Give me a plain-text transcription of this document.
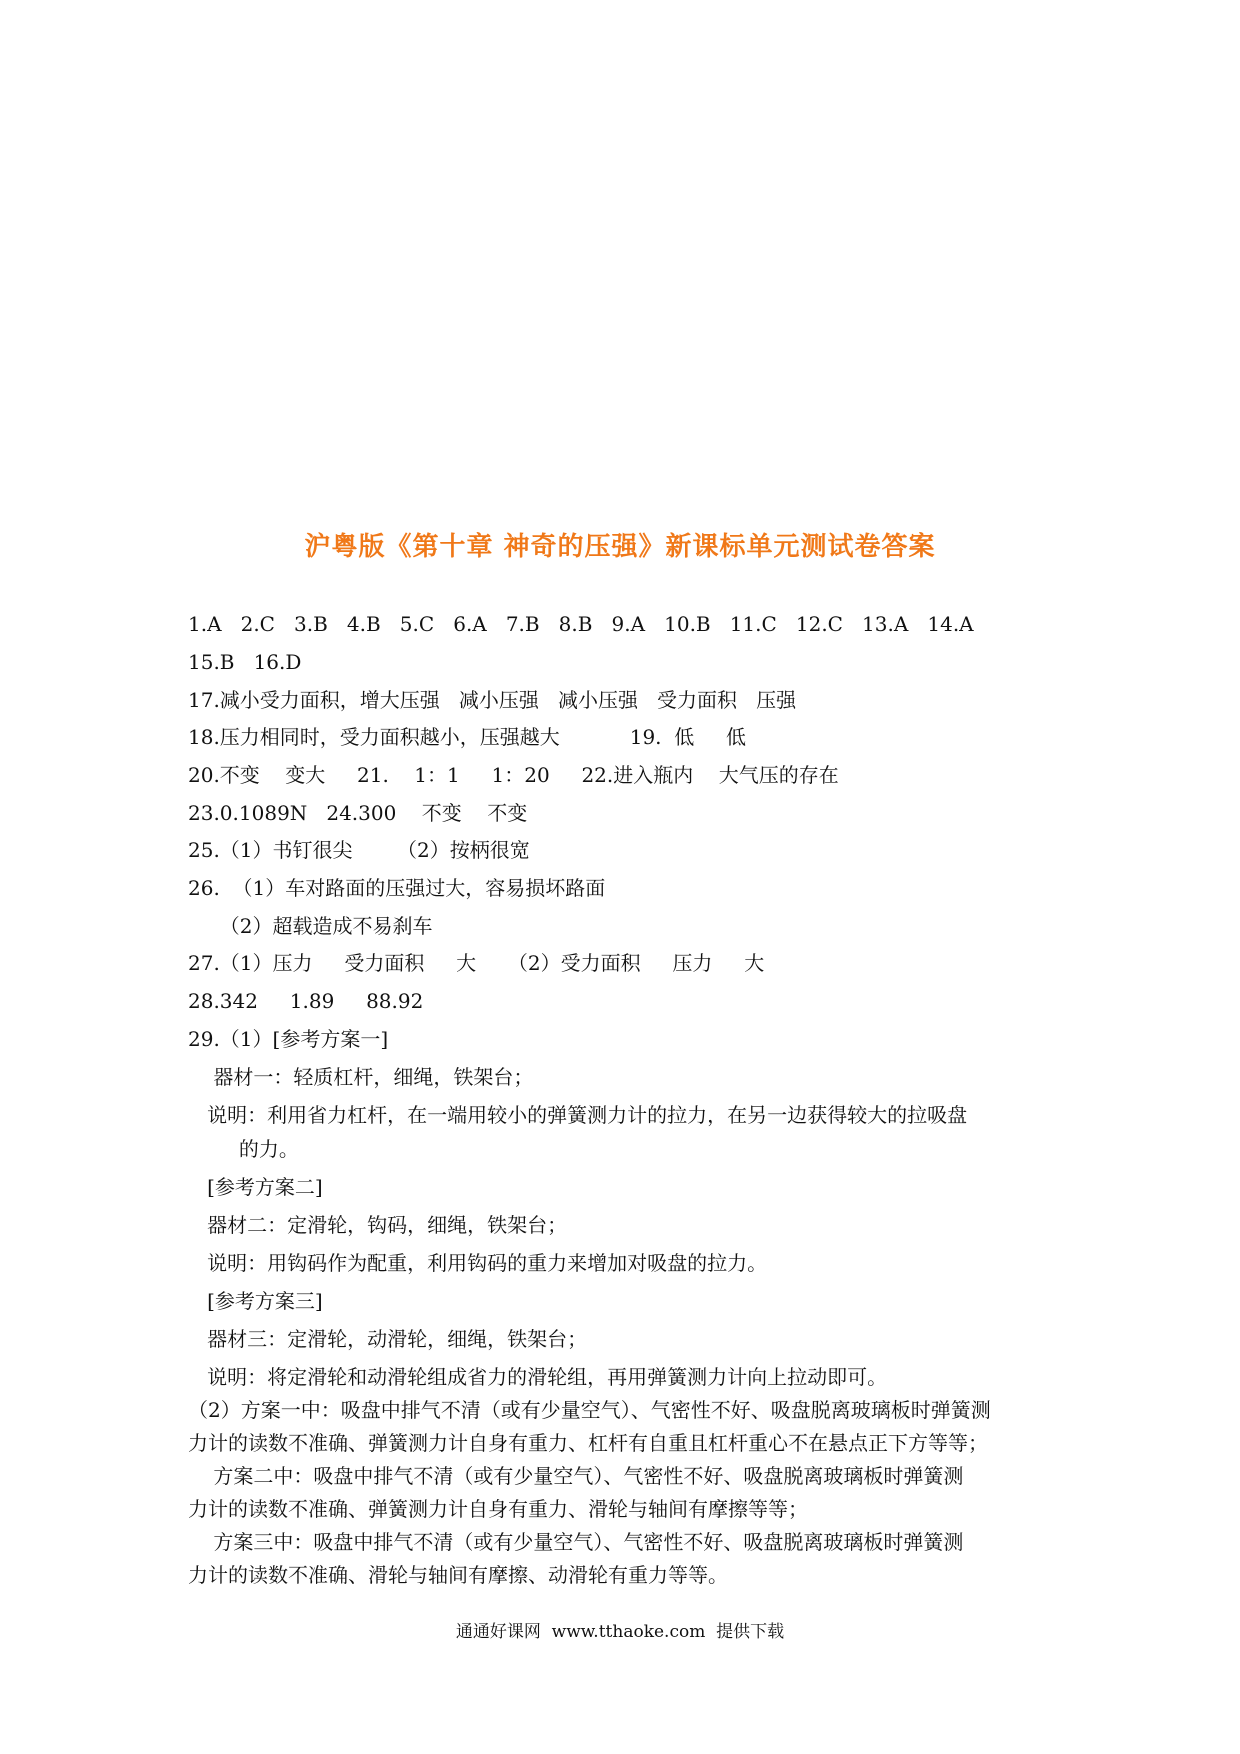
沪粤版《第十章 神奇的压强》新课标单元测试卷答案

1.A   2.C   3.B   4.B   5.C   6.A   7.B   8.B   9.A   10.B   11.C   12.C   13.A   14.A

15.B   16.D

17.减小受力面积，增大压强   减小压强   减小压强   受力面积   压强

18.压力相同时，受力面积越小，压强越大           19.  低     低

20.不变    变大     21.    1：1     1：20     22.进入瓶内    大气压的存在

23.0.1089N   24.300    不变    不变

25.（1）书钉很尖       （2）按柄很宽

26.  （1）车对路面的压强过大，容易损坏路面

（2）超载造成不易刹车

27.（1）压力     受力面积     大     （2）受力面积     压力     大

28.342     1.89     88.92

29.（1）[参考方案一]

器材一：轻质杠杆，细绳，铁架台；

说明：利用省力杠杆，在一端用较小的弹簧测力计的拉力，在另一边获得较大的拉吸盘

的力。

[参考方案二]

器材二：定滑轮，钩码，细绳，铁架台；

说明：用钩码作为配重，利用钩码的重力来增加对吸盘的拉力。

[参考方案三]

器材三：定滑轮，动滑轮，细绳，铁架台；

说明：将定滑轮和动滑轮组成省力的滑轮组，再用弹簧测力计向上拉动即可。

（2）方案一中：吸盘中排气不清（或有少量空气）、气密性不好、吸盘脱离玻璃板时弹簧测

力计的读数不准确、弹簧测力计自身有重力、杠杆有自重且杠杆重心不在悬点正下方等等；

方案二中：吸盘中排气不清（或有少量空气）、气密性不好、吸盘脱离玻璃板时弹簧测

力计的读数不准确、弹簧测力计自身有重力、滑轮与轴间有摩擦等等；

方案三中：吸盘中排气不清（或有少量空气）、气密性不好、吸盘脱离玻璃板时弹簧测

力计的读数不准确、滑轮与轴间有摩擦、动滑轮有重力等等。

通通好课网  www.tthaoke.com  提供下载
